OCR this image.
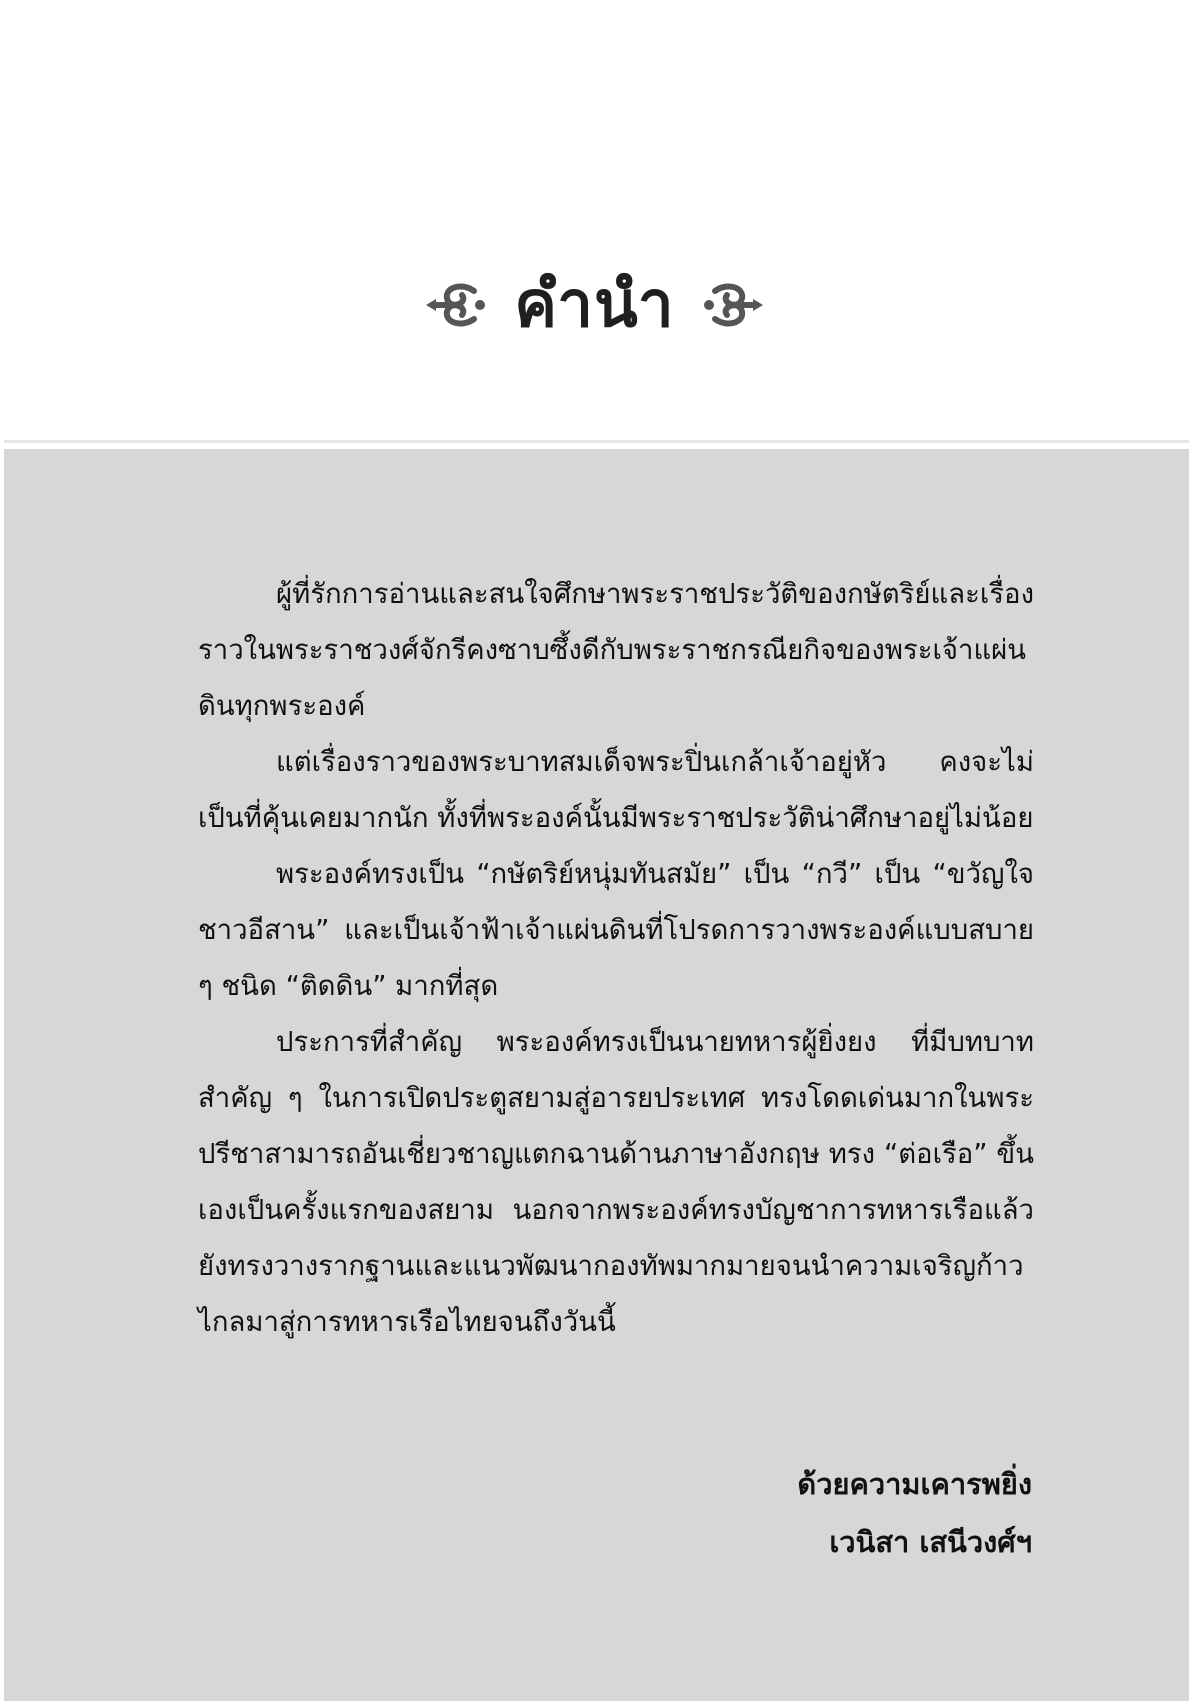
คำนำ

ผู้ที่รักการอ่านและสนใจศึกษาพระราชประวัติของกษัตริย์และเรื่องราวในพระราชวงศ์จักรีคงซาบซึ้งดีกับพระราชกรณียกิจของพระเจ้าแผ่นดินทุกพระองค์

แต่เรื่องราวของพระบาทสมเด็จพระปิ่นเกล้าเจ้าอยู่หัว คงจะไม่เป็นที่คุ้นเคยมากนัก ทั้งที่พระองค์นั้นมีพระราชประวัติน่าศึกษาอยู่ไม่น้อย

พระองค์ทรงเป็น “กษัตริย์หนุ่มทันสมัย” เป็น “กวี” เป็น “ขวัญใจชาวอีสาน” และเป็นเจ้าฟ้าเจ้าแผ่นดินที่โปรดการวางพระองค์แบบสบาย ๆ ชนิด “ติดดิน” มากที่สุด

ประการที่สำคัญ พระองค์ทรงเป็นนายทหารผู้ยิ่งยง ที่มีบทบาทสำคัญ ๆ ในการเปิดประตูสยามสู่อารยประเทศ ทรงโดดเด่นมากในพระปรีชาสามารถอันเชี่ยวชาญแตกฉานด้านภาษาอังกฤษ ทรง “ต่อเรือ” ขึ้นเองเป็นครั้งแรกของสยาม นอกจากพระองค์ทรงบัญชาการทหารเรือแล้วยังทรงวางรากฐานและแนวพัฒนากองทัพมากมายจนนำความเจริญก้าวไกลมาสู่การทหารเรือไทยจนถึงวันนี้

ด้วยความเคารพยิ่ง
เวนิสา เสนีวงศ์ฯ
